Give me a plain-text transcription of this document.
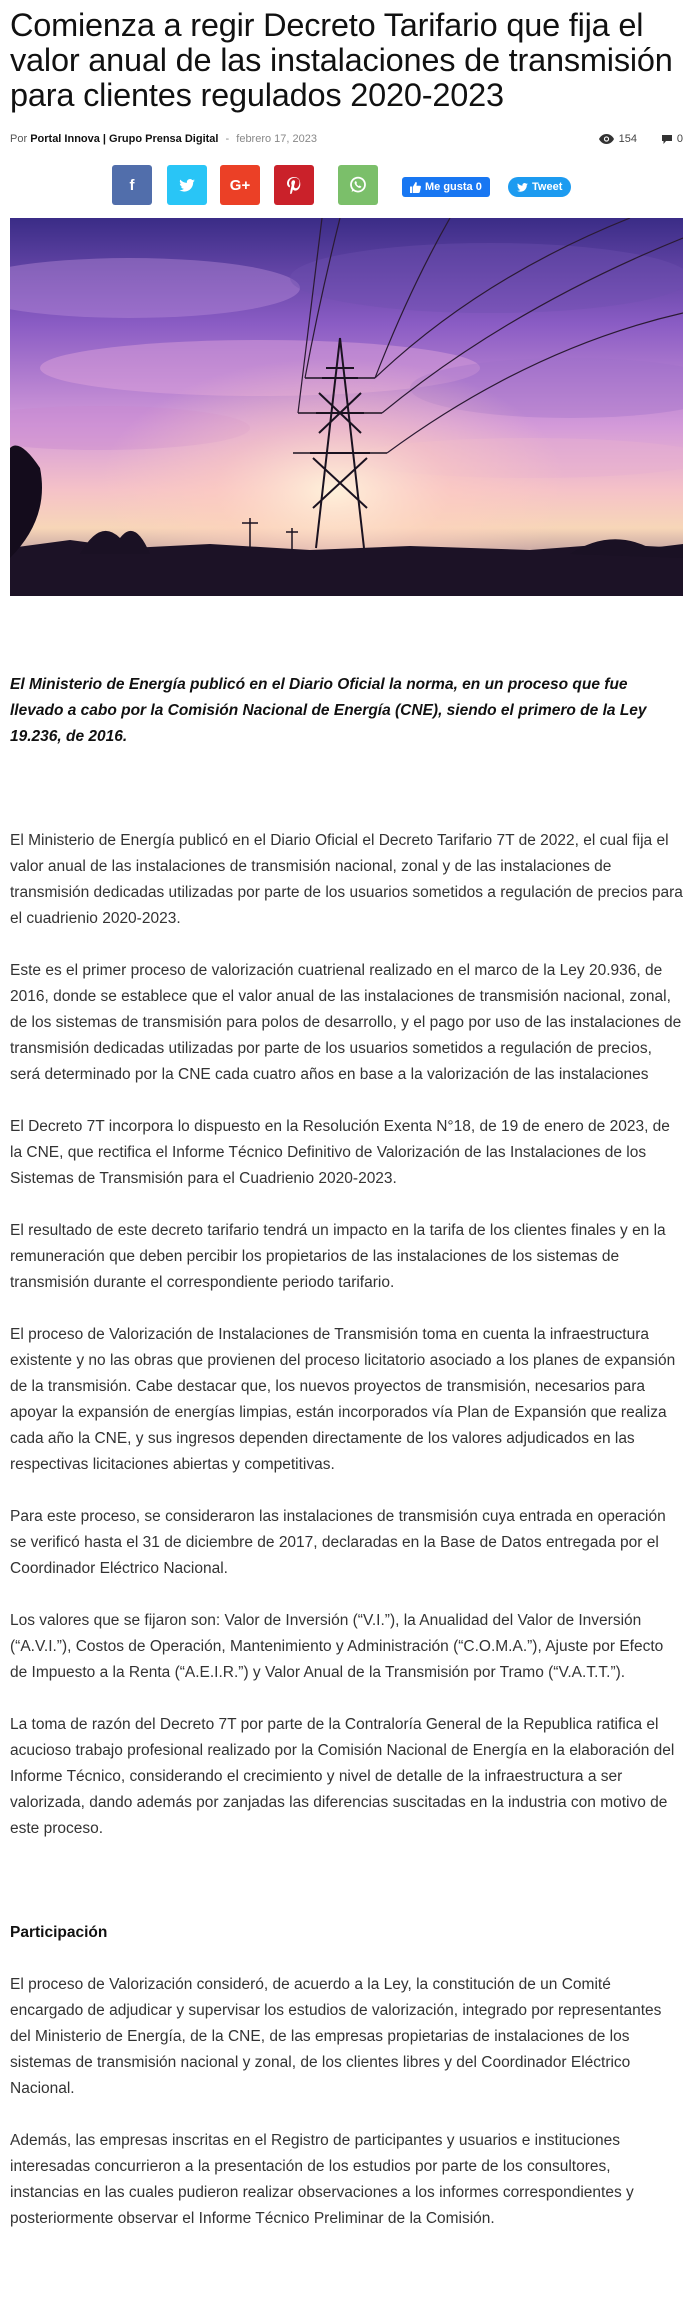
Comienza a regir Decreto Tarifario que fija el valor anual de las instalaciones de transmisión para clientes regulados 2020-2023
Por Portal Innova | Grupo Prensa Digital - febrero 17, 2023	154	0
f	G+	Me gusta 0	Tweet

El Ministerio de Energía publicó en el Diario Oficial la norma, en un proceso que fue llevado a cabo por la Comisión Nacional de Energía (CNE), siendo el primero de la Ley 19.236, de 2016.

El Ministerio de Energía publicó en el Diario Oficial el Decreto Tarifario 7T de 2022, el cual fija el valor anual de las instalaciones de transmisión nacional, zonal y de las instalaciones de transmisión dedicadas utilizadas por parte de los usuarios sometidos a regulación de precios para el cuadrienio 2020-2023.

Este es el primer proceso de valorización cuatrienal realizado en el marco de la Ley 20.936, de 2016, donde se establece que el valor anual de las instalaciones de transmisión nacional, zonal, de los sistemas de transmisión para polos de desarrollo, y el pago por uso de las instalaciones de transmisión dedicadas utilizadas por parte de los usuarios sometidos a regulación de precios, será determinado por la CNE cada cuatro años en base a la valorización de las instalaciones

El Decreto 7T incorpora lo dispuesto en la Resolución Exenta N°18, de 19 de enero de 2023, de la CNE, que rectifica el Informe Técnico Definitivo de Valorización de las Instalaciones de los Sistemas de Transmisión para el Cuadrienio 2020-2023.

El resultado de este decreto tarifario tendrá un impacto en la tarifa de los clientes finales y en la remuneración que deben percibir los propietarios de las instalaciones de los sistemas de transmisión durante el correspondiente periodo tarifario.

El proceso de Valorización de Instalaciones de Transmisión toma en cuenta la infraestructura existente y no las obras que provienen del proceso licitatorio asociado a los planes de expansión de la transmisión. Cabe destacar que, los nuevos proyectos de transmisión, necesarios para apoyar la expansión de energías limpias, están incorporados vía Plan de Expansión que realiza cada año la CNE, y sus ingresos dependen directamente de los valores adjudicados en las respectivas licitaciones abiertas y competitivas.

Para este proceso, se consideraron las instalaciones de transmisión cuya entrada en operación se verificó hasta el 31 de diciembre de 2017, declaradas en la Base de Datos entregada por el Coordinador Eléctrico Nacional.

Los valores que se fijaron son: Valor de Inversión (“V.I.”), la Anualidad del Valor de Inversión (“A.V.I.”), Costos de Operación, Mantenimiento y Administración (“C.O.M.A.”), Ajuste por Efecto de Impuesto a la Renta (“A.E.I.R.”) y Valor Anual de la Transmisión por Tramo (“V.A.T.T.”).

La toma de razón del Decreto 7T por parte de la Contraloría General de la Republica ratifica el acucioso trabajo profesional realizado por la Comisión Nacional de Energía en la elaboración del Informe Técnico, considerando el crecimiento y nivel de detalle de la infraestructura a ser valorizada, dando además por zanjadas las diferencias suscitadas en la industria con motivo de este proceso.

Participación

El proceso de Valorización consideró, de acuerdo a la Ley, la constitución de un Comité encargado de adjudicar y supervisar los estudios de valorización, integrado por representantes del Ministerio de Energía, de la CNE, de las empresas propietarias de instalaciones de los sistemas de transmisión nacional y zonal, de los clientes libres y del Coordinador Eléctrico Nacional.

Además, las empresas inscritas en el Registro de participantes y usuarios e instituciones interesadas concurrieron a la presentación de los estudios por parte de los consultores, instancias en las cuales pudieron realizar observaciones a los informes correspondientes y posteriormente observar el Informe Técnico Preliminar de la Comisión.
